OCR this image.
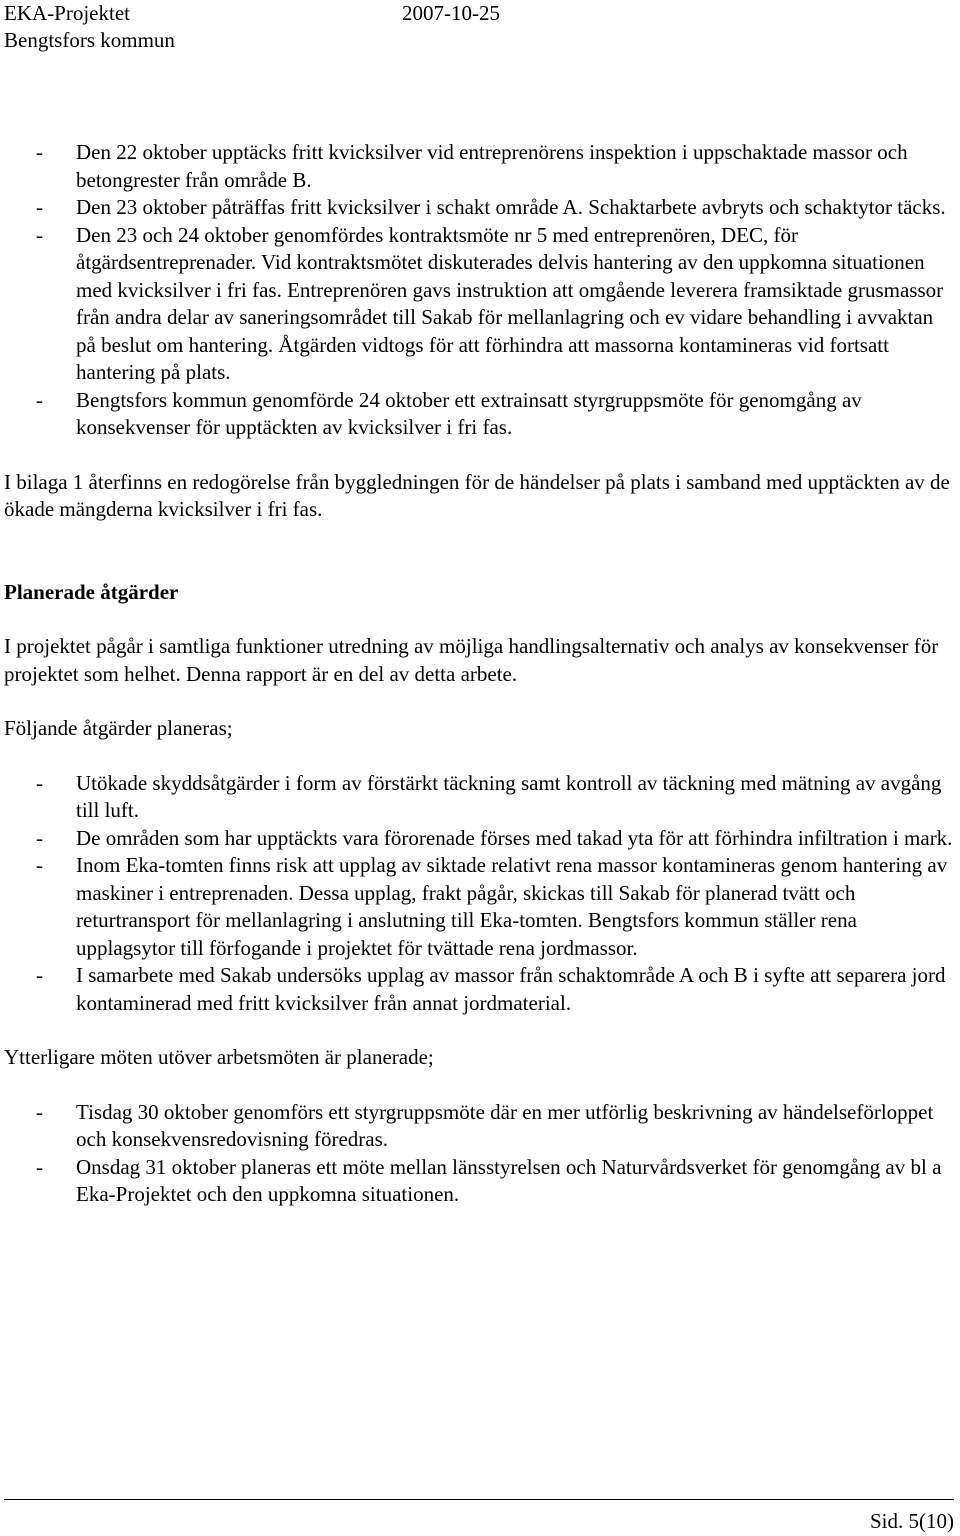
EKA-Projektet	2007-10-25
Bengtsfors kommun
- Den 22 oktober upptäcks fritt kvicksilver vid entreprenörens inspektion i uppschaktade massor och betongrester från område B.
- Den 23 oktober påträffas fritt kvicksilver i schakt område A. Schaktarbete avbryts och schaktytor täcks.
- Den 23 och 24 oktober genomfördes kontraktsmöte nr 5 med entreprenören, DEC, för åtgärdsentreprenader. Vid kontraktsmötet diskuterades delvis hantering av den uppkomna situationen med kvicksilver i fri fas. Entreprenören gavs instruktion att omgående leverera framsiktade grusmassor från andra delar av saneringsområdet till Sakab för mellanlagring och ev vidare behandling i avvaktan på beslut om hantering. Åtgärden vidtogs för att förhindra att massorna kontamineras vid fortsatt hantering på plats.
- Bengtsfors kommun genomförde 24 oktober ett extrainsatt styrgruppsmöte för genomgång av konsekvenser för upptäckten av kvicksilver i fri fas.

I bilaga 1 återfinns en redogörelse från byggledningen för de händelser på plats i samband med upptäckten av de ökade mängderna kvicksilver i fri fas.

Planerade åtgärder

I projektet pågår i samtliga funktioner utredning av möjliga handlingsalternativ och analys av konsekvenser för projektet som helhet. Denna rapport är en del av detta arbete.

Följande åtgärder planeras;

- Utökade skyddsåtgärder i form av förstärkt täckning samt kontroll av täckning med mätning av avgång till luft.
- De områden som har upptäckts vara förorenade förses med takad yta för att förhindra infiltration i mark.
- Inom Eka-tomten finns risk att upplag av siktade relativt rena massor kontamineras genom hantering av maskiner i entreprenaden. Dessa upplag, frakt pågår, skickas till Sakab för planerad tvätt och returtransport för mellanlagring i anslutning till Eka-tomten. Bengtsfors kommun ställer rena upplagsytor till förfogande i projektet för tvättade rena jordmassor.
- I samarbete med Sakab undersöks upplag av massor från schaktområde A och B i syfte att separera jord kontaminerad med fritt kvicksilver från annat jordmaterial.

Ytterligare möten utöver arbetsmöten är planerade;

- Tisdag 30 oktober genomförs ett styrgruppsmöte där en mer utförlig beskrivning av händelseförloppet och konsekvensredovisning föredras.
- Onsdag 31 oktober planeras ett möte mellan länsstyrelsen och Naturvårdsverket för genomgång av bl a Eka-Projektet och den uppkomna situationen.
Sid. 5(10)
